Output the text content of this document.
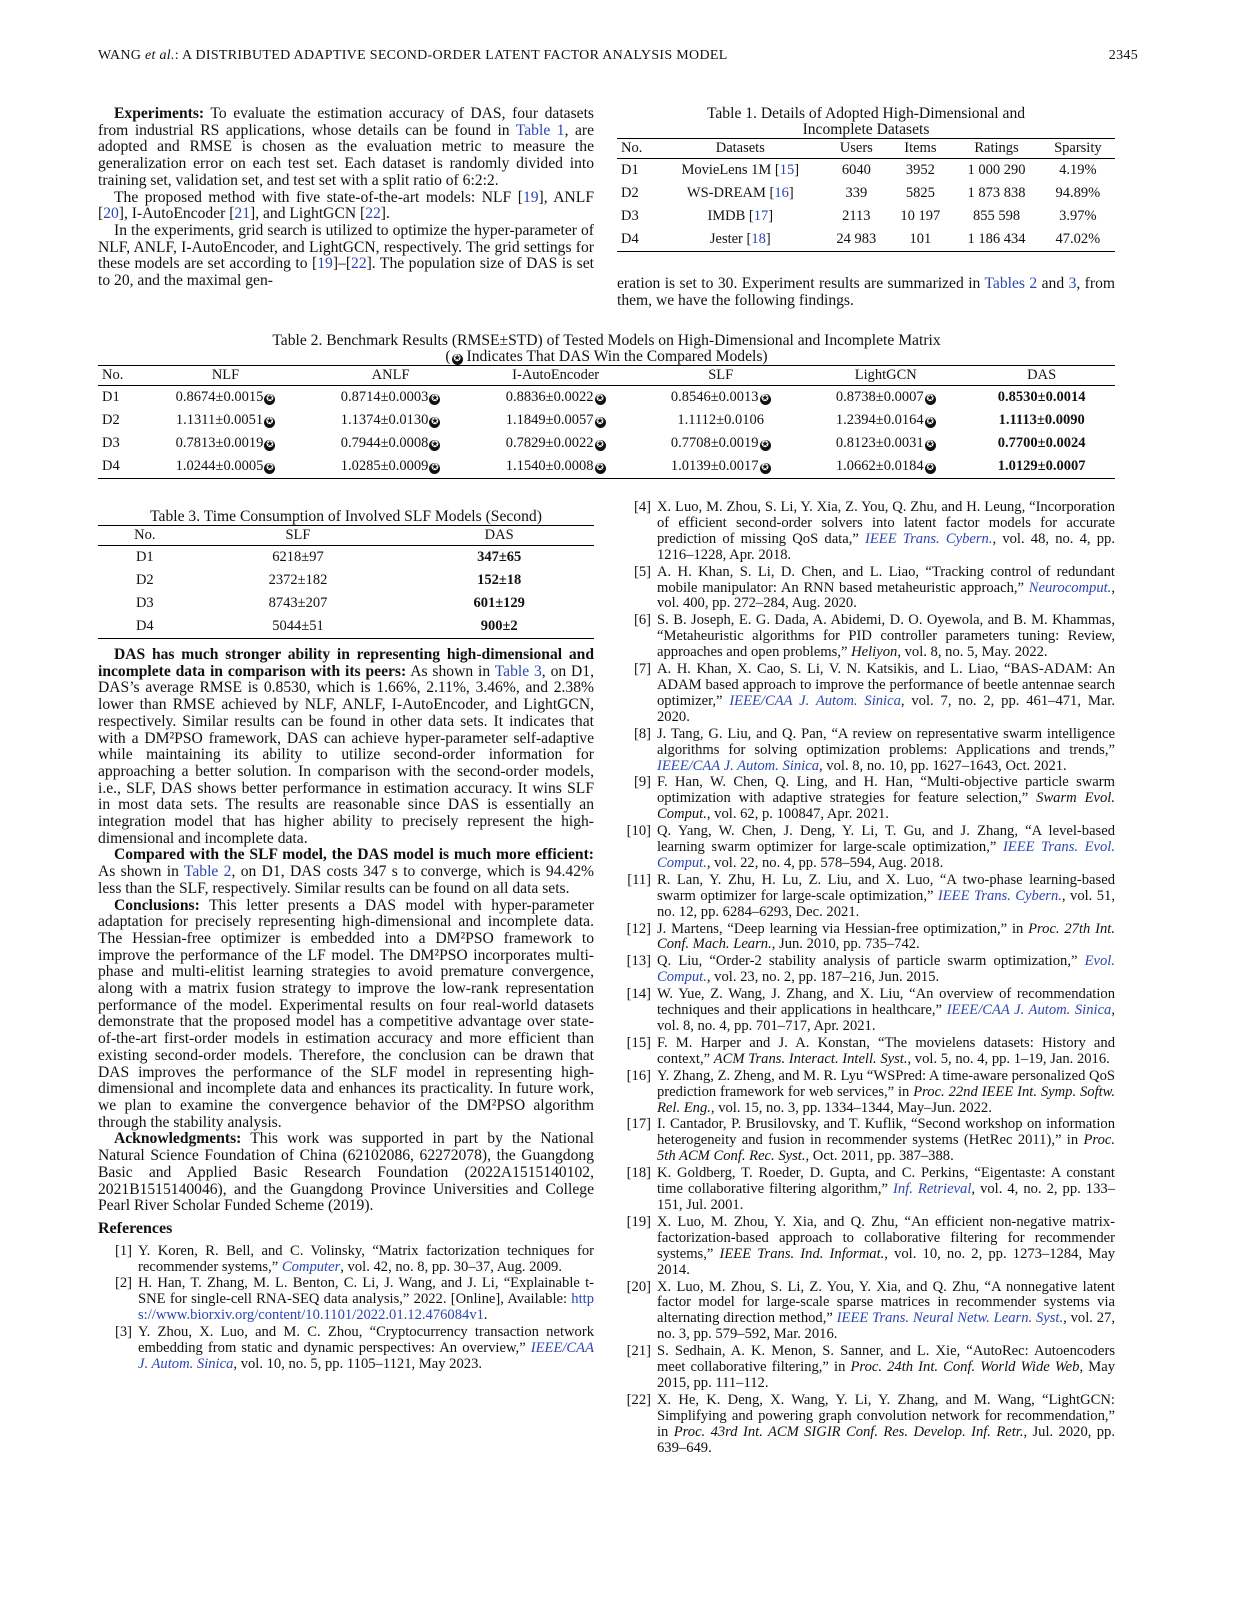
WANG et al.: A DISTRIBUTED ADAPTIVE SECOND-ORDER LATENT FACTOR ANALYSIS MODEL	2345

Experiments: To evaluate the estimation accuracy of DAS, four datasets from industrial RS applications, whose details can be found in Table 1, are adopted and RMSE is chosen as the evaluation metric to measure the generalization error on each test set. Each dataset is randomly divided into training set, validation set, and test set with a split ratio of 6:2:2.

The proposed method with five state-of-the-art models: NLF [19], ANLF [20], I-AutoEncoder [21], and LightGCN [22].

In the experiments, grid search is utilized to optimize the hyper-parameter of NLF, ANLF, I-AutoEncoder, and LightGCN, respectively. The grid settings for these models are set according to [19]–[22]. The population size of DAS is set to 20, and the maximal gen-

Table 1. Details of Adopted High-Dimensional and
Incomplete Datasets
No.	Datasets	Users	Items	Ratings	Sparsity
D1	MovieLens 1M [15]	6040	3952	1 000 290	4.19%
D2	WS-DREAM [16]	339	5825	1 873 838	94.89%
D3	IMDB [17]	2113	10 197	855 598	3.97%
D4	Jester [18]	24 983	101	1 186 434	47.02%

eration is set to 30. Experiment results are summarized in Tables 2 and 3, from them, we have the following findings.

Table 2. Benchmark Results (RMSE±STD) of Tested Models on High-Dimensional and Incomplete Matrix
( ✪ Indicates That DAS Win the Compared Models)
No.	NLF	ANLF	I-AutoEncoder	SLF	LightGCN	DAS
D1	0.8674±0.0015 ✪	0.8714±0.0003 ✪	0.8836±0.0022 ✪	0.8546±0.0013 ✪	0.8738±0.0007 ✪	0.8530±0.0014
D2	1.1311±0.0051 ✪	1.1374±0.0130 ✪	1.1849±0.0057 ✪	1.1112±0.0106	1.2394±0.0164 ✪	1.1113±0.0090
D3	0.7813±0.0019 ✪	0.7944±0.0008 ✪	0.7829±0.0022 ✪	0.7708±0.0019 ✪	0.8123±0.0031 ✪	0.7700±0.0024
D4	1.0244±0.0005 ✪	1.0285±0.0009 ✪	1.1540±0.0008 ✪	1.0139±0.0017 ✪	1.0662±0.0184 ✪	1.0129±0.0007
Table 3. Time Consumption of Involved SLF Models (Second)
No.	SLF	DAS
D1	6218±97	347±65
D2	2372±182	152±18
D3	8743±207	601±129
D4	5044±51	900±2

DAS has much stronger ability in representing high-dimensional and incomplete data in comparison with its peers: As shown in Table 3, on D1, DAS’s average RMSE is 0.8530, which is 1.66%, 2.11%, 3.46%, and 2.38% lower than RMSE achieved by NLF, ANLF, I-AutoEncoder, and LightGCN, respectively. Similar results can be found in other data sets. It indicates that with a DM²PSO framework, DAS can achieve hyper-parameter self-adaptive while maintaining its ability to utilize second-order information for approaching a better solution. In comparison with the second-order models, i.e., SLF, DAS shows better performance in estimation accuracy. It wins SLF in most data sets. The results are reasonable since DAS is essentially an integration model that has higher ability to precisely represent the high-dimensional and incomplete data.

Compared with the SLF model, the DAS model is much more efficient: As shown in Table 2, on D1, DAS costs 347 s to converge, which is 94.42% less than the SLF, respectively. Similar results can be found on all data sets.

Conclusions: This letter presents a DAS model with hyper-parameter adaptation for precisely representing high-dimensional and incomplete data. The Hessian-free optimizer is embedded into a DM²PSO framework to improve the performance of the LF model. The DM²PSO incorporates multi-phase and multi-elitist learning strategies to avoid premature convergence, along with a matrix fusion strategy to improve the low-rank representation performance of the model. Experimental results on four real-world datasets demonstrate that the proposed model has a competitive advantage over state-of-the-art first-order models in estimation accuracy and more efficient than existing second-order models. Therefore, the conclusion can be drawn that DAS improves the performance of the SLF model in representing high-dimensional and incomplete data and enhances its practicality. In future work, we plan to examine the convergence behavior of the DM²PSO algorithm through the stability analysis.

Acknowledgments: This work was supported in part by the National Natural Science Foundation of China (62102086, 62272078), the Guangdong Basic and Applied Basic Research Foundation (2022A1515140102, 2021B1515140046), and the Guangdong Province Universities and College Pearl River Scholar Funded Scheme (2019).

References
[1] Y. Koren, R. Bell, and C. Volinsky, “Matrix factorization techniques for recommender systems,” Computer, vol. 42, no. 8, pp. 30–37, Aug. 2009.
[2] H. Han, T. Zhang, M. L. Benton, C. Li, J. Wang, and J. Li, “Explainable t-SNE for single-cell RNA-SEQ data analysis,” 2022. [Online], Available: https://www.biorxiv.org/content/10.1101/2022.01.12.476084v1.
[3] Y. Zhou, X. Luo, and M. C. Zhou, “Cryptocurrency transaction network embedding from static and dynamic perspectives: An overview,” IEEE/CAA J. Autom. Sinica, vol. 10, no. 5, pp. 1105–1121, May 2023.
[4] X. Luo, M. Zhou, S. Li, Y. Xia, Z. You, Q. Zhu, and H. Leung, “Incorporation of efficient second-order solvers into latent factor models for accurate prediction of missing QoS data,” IEEE Trans. Cybern., vol. 48, no. 4, pp. 1216–1228, Apr. 2018.
[5] A. H. Khan, S. Li, D. Chen, and L. Liao, “Tracking control of redundant mobile manipulator: An RNN based metaheuristic approach,” Neurocomput., vol. 400, pp. 272–284, Aug. 2020.
[6] S. B. Joseph, E. G. Dada, A. Abidemi, D. O. Oyewola, and B. M. Khammas, “Metaheuristic algorithms for PID controller parameters tuning: Review, approaches and open problems,” Heliyon, vol. 8, no. 5, May. 2022.
[7] A. H. Khan, X. Cao, S. Li, V. N. Katsikis, and L. Liao, “BAS-ADAM: An ADAM based approach to improve the performance of beetle antennae search optimizer,” IEEE/CAA J. Autom. Sinica, vol. 7, no. 2, pp. 461–471, Mar. 2020.
[8] J. Tang, G. Liu, and Q. Pan, “A review on representative swarm intelligence algorithms for solving optimization problems: Applications and trends,” IEEE/CAA J. Autom. Sinica, vol. 8, no. 10, pp. 1627–1643, Oct. 2021.
[9] F. Han, W. Chen, Q. Ling, and H. Han, “Multi-objective particle swarm optimization with adaptive strategies for feature selection,” Swarm Evol. Comput., vol. 62, p. 100847, Apr. 2021.
[10] Q. Yang, W. Chen, J. Deng, Y. Li, T. Gu, and J. Zhang, “A level-based learning swarm optimizer for large-scale optimization,” IEEE Trans. Evol. Comput., vol. 22, no. 4, pp. 578–594, Aug. 2018.
[11] R. Lan, Y. Zhu, H. Lu, Z. Liu, and X. Luo, “A two-phase learning-based swarm optimizer for large-scale optimization,” IEEE Trans. Cybern., vol. 51, no. 12, pp. 6284–6293, Dec. 2021.
[12] J. Martens, “Deep learning via Hessian-free optimization,” in Proc. 27th Int. Conf. Mach. Learn., Jun. 2010, pp. 735–742.
[13] Q. Liu, “Order-2 stability analysis of particle swarm optimization,” Evol. Comput., vol. 23, no. 2, pp. 187–216, Jun. 2015.
[14] W. Yue, Z. Wang, J. Zhang, and X. Liu, “An overview of recommendation techniques and their applications in healthcare,” IEEE/CAA J. Autom. Sinica, vol. 8, no. 4, pp. 701–717, Apr. 2021.
[15] F. M. Harper and J. A. Konstan, “The movielens datasets: History and context,” ACM Trans. Interact. Intell. Syst., vol. 5, no. 4, pp. 1–19, Jan. 2016.
[16] Y. Zhang, Z. Zheng, and M. R. Lyu “WSPred: A time-aware personalized QoS prediction framework for web services,” in Proc. 22nd IEEE Int. Symp. Softw. Rel. Eng., vol. 15, no. 3, pp. 1334–1344, May–Jun. 2022.
[17] I. Cantador, P. Brusilovsky, and T. Kuflik, “Second workshop on information heterogeneity and fusion in recommender systems (HetRec 2011),” in Proc. 5th ACM Conf. Rec. Syst., Oct. 2011, pp. 387–388.
[18] K. Goldberg, T. Roeder, D. Gupta, and C. Perkins, “Eigentaste: A constant time collaborative filtering algorithm,” Inf. Retrieval, vol. 4, no. 2, pp. 133–151, Jul. 2001.
[19] X. Luo, M. Zhou, Y. Xia, and Q. Zhu, “An efficient non-negative matrix-factorization-based approach to collaborative filtering for recommender systems,” IEEE Trans. Ind. Informat., vol. 10, no. 2, pp. 1273–1284, May 2014.
[20] X. Luo, M. Zhou, S. Li, Z. You, Y. Xia, and Q. Zhu, “A nonnegative latent factor model for large-scale sparse matrices in recommender systems via alternating direction method,” IEEE Trans. Neural Netw. Learn. Syst., vol. 27, no. 3, pp. 579–592, Mar. 2016.
[21] S. Sedhain, A. K. Menon, S. Sanner, and L. Xie, “AutoRec: Autoencoders meet collaborative filtering,” in Proc. 24th Int. Conf. World Wide Web, May 2015, pp. 111–112.
[22] X. He, K. Deng, X. Wang, Y. Li, Y. Zhang, and M. Wang, “LightGCN: Simplifying and powering graph convolution network for recommendation,” in Proc. 43rd Int. ACM SIGIR Conf. Res. Develop. Inf. Retr., Jul. 2020, pp. 639–649.
